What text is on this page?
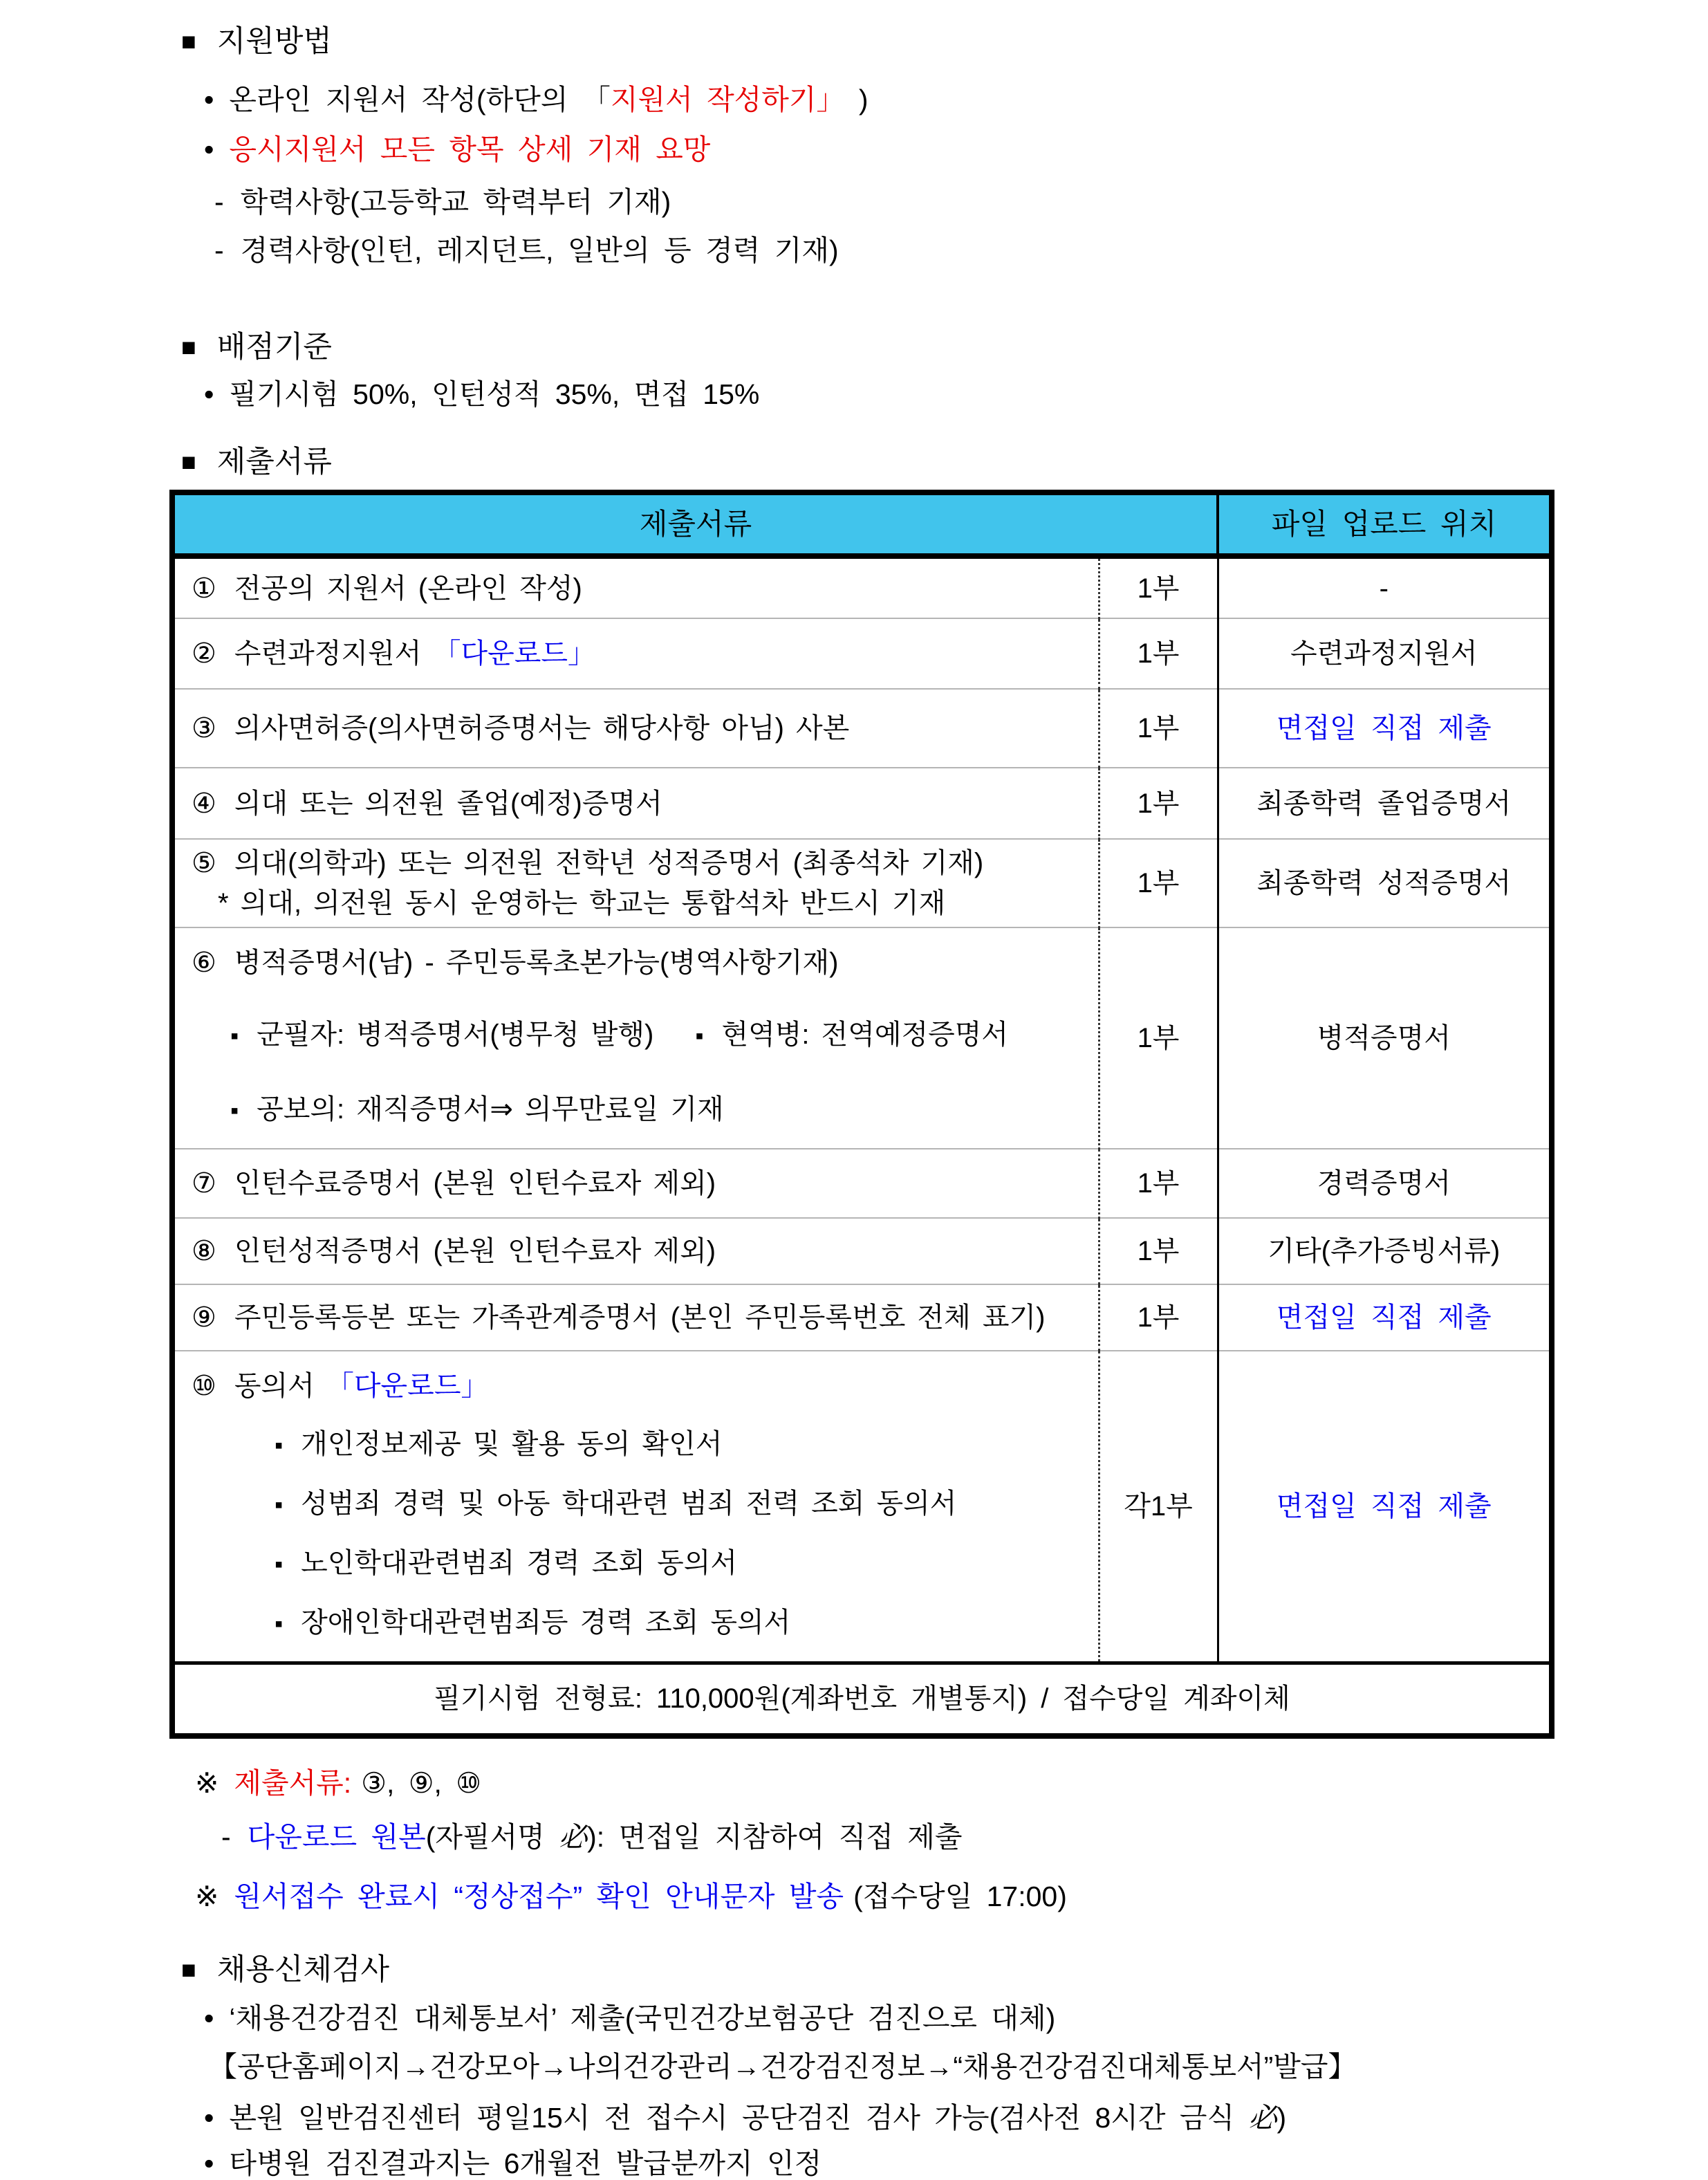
■ 지원방법
• 온라인 지원서 작성(하단의 「지원서 작성하기」 )
• 응시지원서 모든 항목 상세 기재 요망
- 학력사항(고등학교 학력부터 기재)
- 경력사항(인턴, 레지던트, 일반의 등 경력 기재)
■ 배점기준
• 필기시험 50%, 인턴성적 35%, 면접 15%
■ 제출서류
제출서류		파일 업로드 위치
① 전공의 지원서 (온라인 작성)	1부	-
② 수련과정지원서 「다운로드」	1부	수련과정지원서
③ 의사면허증(의사면허증명서는 해당사항 아님) 사본	1부	면접일 직접 제출
④ 의대 또는 의전원 졸업(예정)증명서	1부	최종학력 졸업증명서

⑤ 의대(의학과) 또는 의전원 전학년 성적증명서 (최종석차 기재)
* 의대, 의전원 동시 운영하는 학교는 통합석차 반드시 기재	1부	최종학력 성적증명서

⑥ 병적증명서(남) - 주민등록초본가능(병역사항기재)
▪ 군필자: 병적증명서(병무청 발행) ▪ 현역병: 전역예정증명서
▪ 공보의: 재직증명서⇒ 의무만료일 기재	1부	병적증명서
⑦ 인턴수료증명서 (본원 인턴수료자 제외)	1부	경력증명서
⑧ 인턴성적증명서 (본원 인턴수료자 제외)	1부	기타(추가증빙서류)
⑨ 주민등록등본 또는 가족관계증명서 (본인 주민등록번호 전체 표기)	1부	면접일 직접 제출

⑩ 동의서 「다운로드」
▪ 개인정보제공 및 활용 동의 확인서
▪ 성범죄 경력 및 아동 학대관련 범죄 전력 조회 동의서
▪ 노인학대관련범죄 경력 조회 동의서
▪ 장애인학대관련범죄등 경력 조회 동의서	각1부	면접일 직접 제출
필기시험 전형료: 110,000원(계좌번호 개별통지) / 접수당일 계좌이체		
※ 제출서류: ③, ⑨, ⑩
- 다운로드 원본(자필서명 必): 면접일 지참하여 직접 제출
※ 원서접수 완료시 “정상접수” 확인 안내문자 발송 (접수당일 17:00)
■ 채용신체검사
• ‘채용건강검진 대체통보서’ 제출(국민건강보험공단 검진으로 대체)
【공단홈페이지→건강모아→나의건강관리→건강검진정보→“채용건강검진대체통보서”발급】
• 본원 일반검진센터 평일15시 전 접수시 공단검진 검사 가능(검사전 8시간 금식 必)
• 타병원 검진결과지는 6개월전 발급분까지 인정
